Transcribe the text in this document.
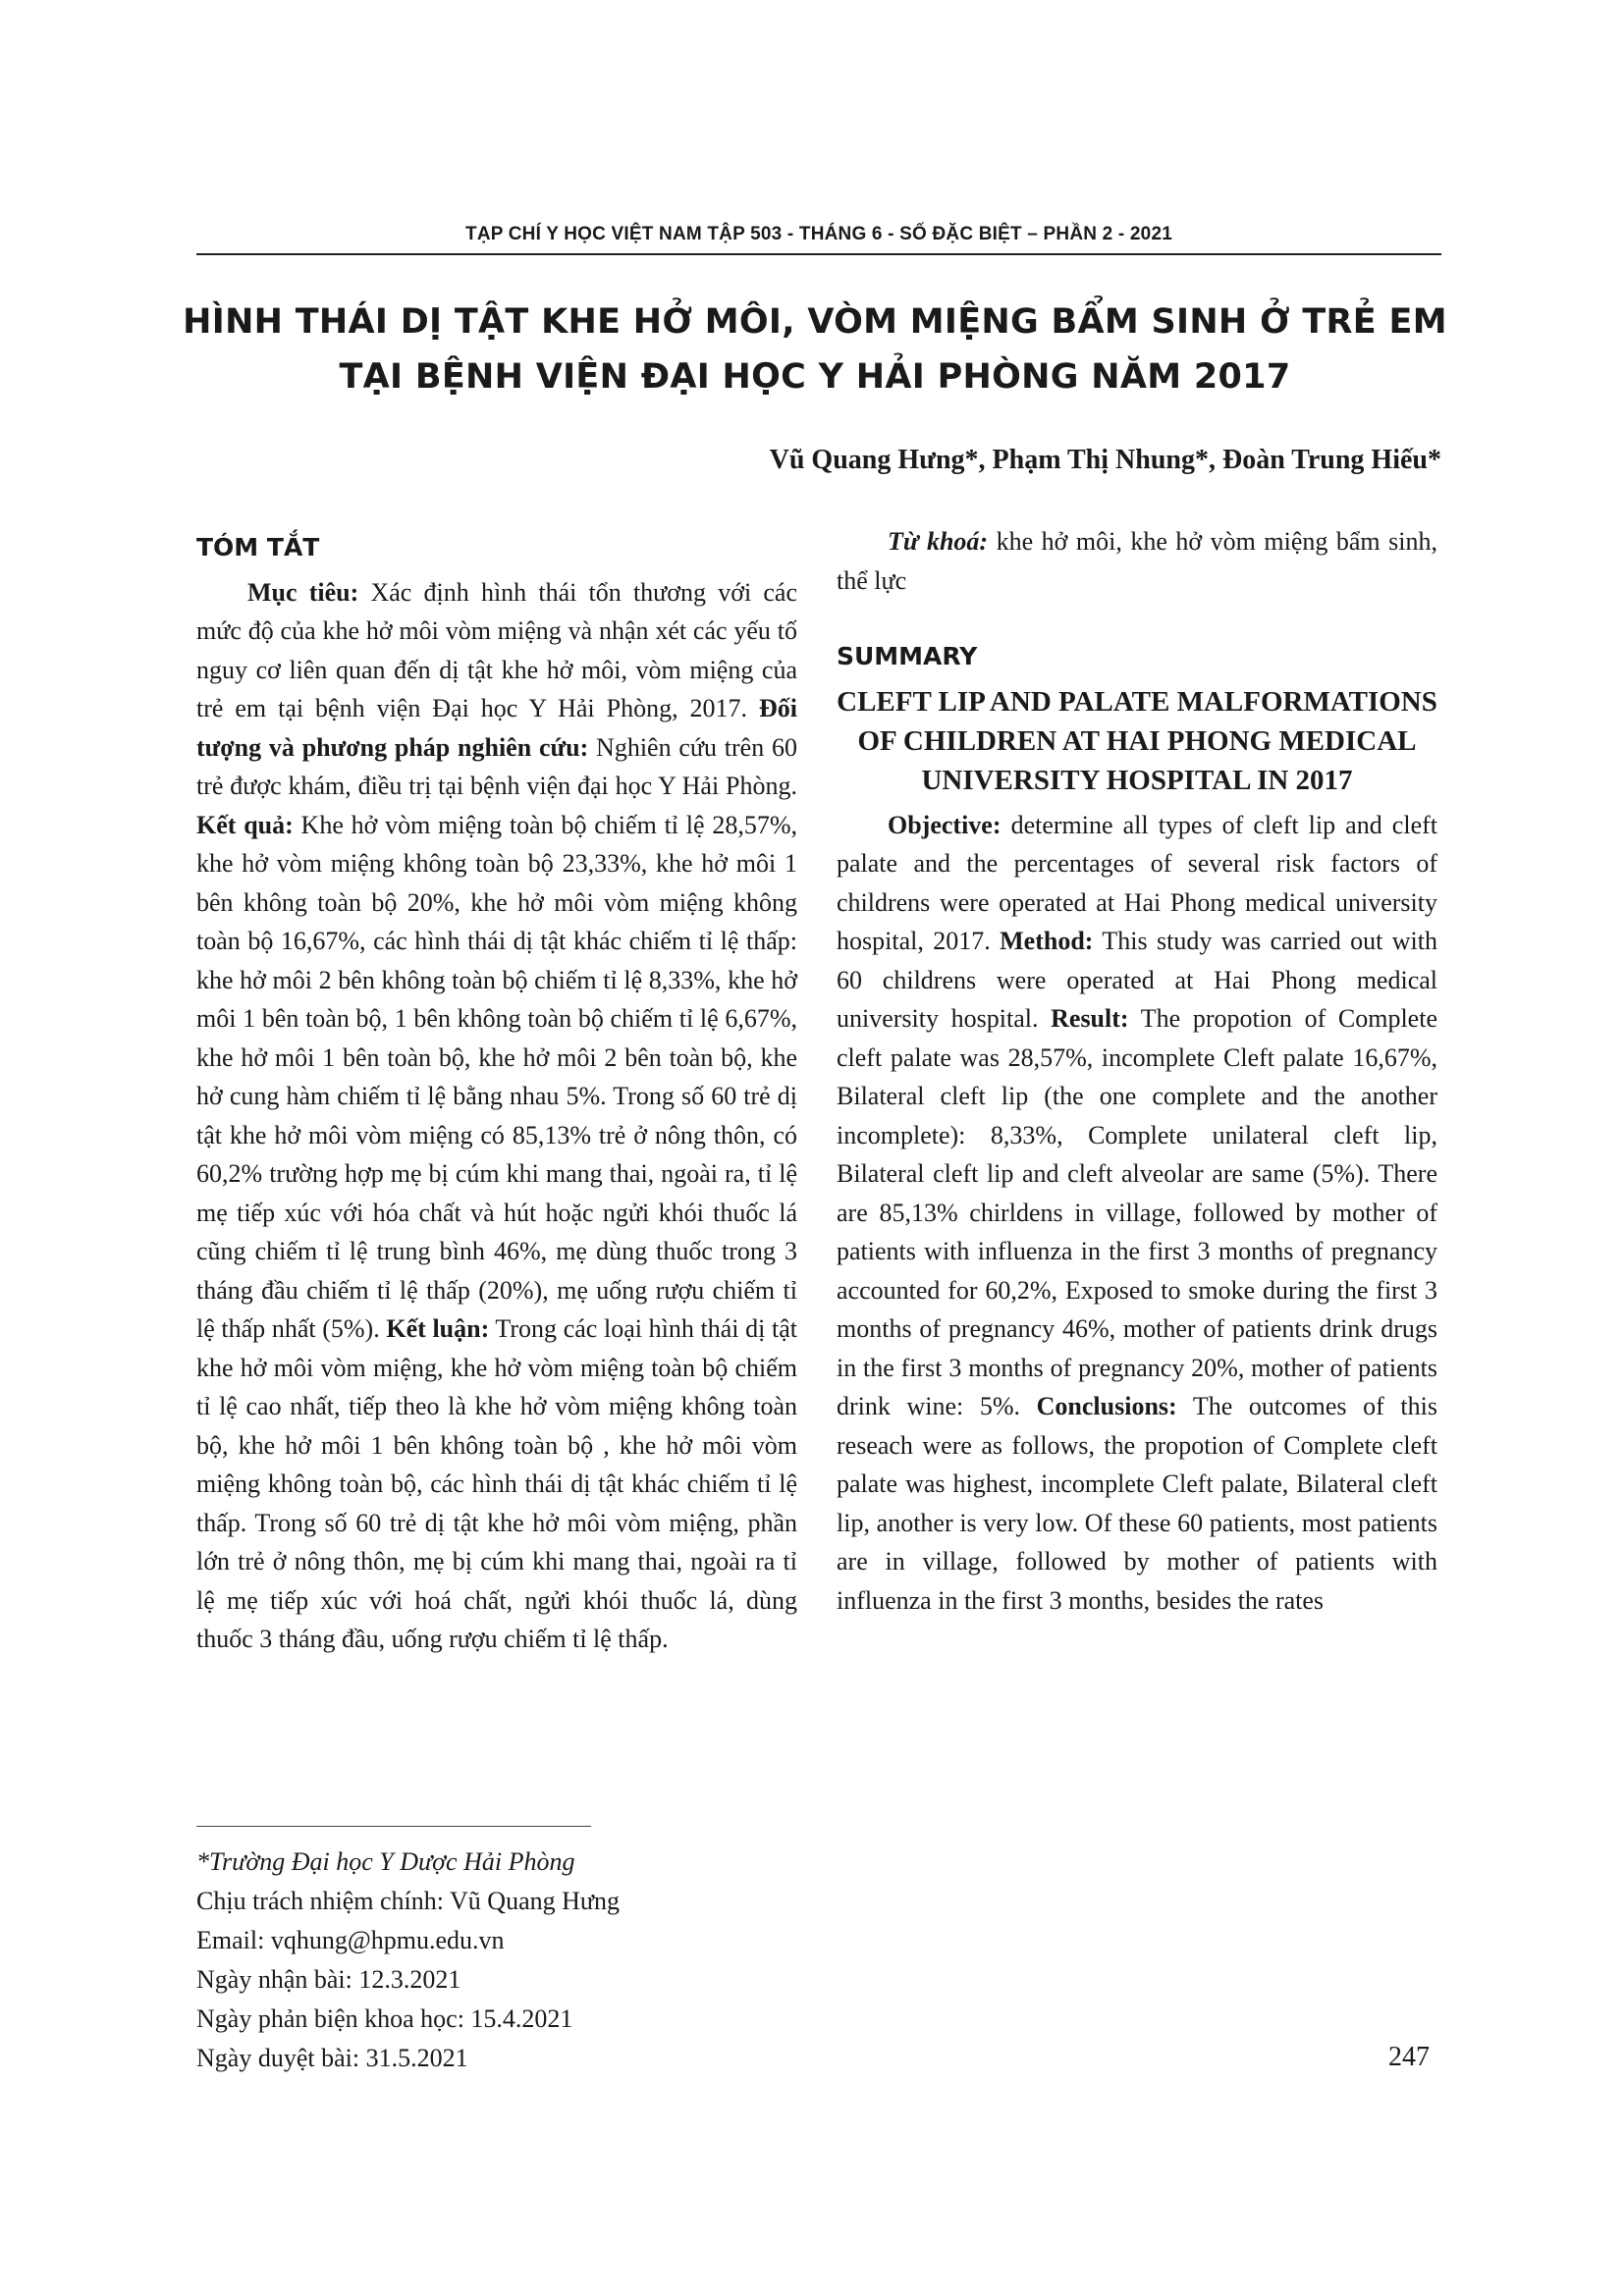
TẠP CHÍ Y HỌC VIỆT NAM TẬP 503 - THÁNG 6 - SỐ ĐẶC BIỆT – PHẦN 2 - 2021
HÌNH THÁI DỊ TẬT KHE HỞ MÔI, VÒM MIỆNG BẨM SINH Ở TRẺ EM
TẠI BỆNH VIỆN ĐẠI HỌC Y HẢI PHÒNG NĂM 2017
Vũ Quang Hưng*, Phạm Thị Nhung*, Đoàn Trung Hiếu*
TÓM TẮT

Mục tiêu: Xác định hình thái tổn thương với các mức độ của khe hở môi vòm miệng và nhận xét các yếu tố nguy cơ liên quan đến dị tật khe hở môi, vòm miệng của trẻ em tại bệnh viện Đại học Y Hải Phòng, 2017. Đối tượng và phương pháp nghiên cứu: Nghiên cứu trên 60 trẻ được khám, điều trị tại bệnh viện đại học Y Hải Phòng. Kết quả: Khe hở vòm miệng toàn bộ chiếm tỉ lệ 28,57%, khe hở vòm miệng không toàn bộ 23,33%, khe hở môi 1 bên không toàn bộ 20%, khe hở môi vòm miệng không toàn bộ 16,67%, các hình thái dị tật khác chiếm tỉ lệ thấp: khe hở môi 2 bên không toàn bộ chiếm tỉ lệ 8,33%, khe hở môi 1 bên toàn bộ, 1 bên không toàn bộ chiếm tỉ lệ 6,67%, khe hở môi 1 bên toàn bộ, khe hở môi 2 bên toàn bộ, khe hở cung hàm chiếm tỉ lệ bằng nhau 5%. Trong số 60 trẻ dị tật khe hở môi vòm miệng có 85,13% trẻ ở nông thôn, có 60,2% trường hợp mẹ bị cúm khi mang thai, ngoài ra, tỉ lệ mẹ tiếp xúc với hóa chất và hút hoặc ngửi khói thuốc lá cũng chiếm tỉ lệ trung bình 46%, mẹ dùng thuốc trong 3 tháng đầu chiếm tỉ lệ thấp (20%), mẹ uống rượu chiếm tỉ lệ thấp nhất (5%). Kết luận: Trong các loại hình thái dị tật khe hở môi vòm miệng, khe hở vòm miệng toàn bộ chiếm tỉ lệ cao nhất, tiếp theo là khe hở vòm miệng không toàn bộ, khe hở môi 1 bên không toàn bộ , khe hở môi vòm miệng không toàn bộ, các hình thái dị tật khác chiếm tỉ lệ thấp. Trong số 60 trẻ dị tật khe hở môi vòm miệng, phần lớn trẻ ở nông thôn, mẹ bị cúm khi mang thai, ngoài ra tỉ lệ mẹ tiếp xúc với hoá chất, ngửi khói thuốc lá, dùng thuốc 3 tháng đầu, uống rượu chiếm tỉ lệ thấp.

*Trường Đại học Y Dược Hải Phòng
Chịu trách nhiệm chính: Vũ Quang Hưng
Email: vqhung@hpmu.edu.vn
Ngày nhận bài: 12.3.2021
Ngày phản biện khoa học: 15.4.2021
Ngày duyệt bài: 31.5.2021

Từ khoá: khe hở môi, khe hở vòm miệng bẩm sinh, thể lực

SUMMARY
CLEFT LIP AND PALATE MALFORMATIONS OF CHILDREN AT HAI PHONG MEDICAL UNIVERSITY HOSPITAL IN 2017

Objective: determine all types of cleft lip and cleft palate and the percentages of several risk factors of childrens were operated at Hai Phong medical university hospital, 2017. Method: This study was carried out with 60 childrens were operated at Hai Phong medical university hospital. Result: The propotion of Complete cleft palate was 28,57%, incomplete Cleft palate 16,67%, Bilateral cleft lip (the one complete and the another incomplete): 8,33%, Complete unilateral cleft lip, Bilateral cleft lip and cleft alveolar are same (5%). There are 85,13% chirldens in village, followed by mother of patients with influenza in the first 3 months of pregnancy accounted for 60,2%, Exposed to smoke during the first 3 months of pregnancy 46%, mother of patients drink drugs in the first 3 months of pregnancy 20%, mother of patients drink wine: 5%. Conclusions: The outcomes of this reseach were as follows, the propotion of Complete cleft palate was highest, incomplete Cleft palate, Bilateral cleft lip, another is very low. Of these 60 patients, most patients are in village, followed by mother of patients with influenza in the first 3 months, besides the rates

247
